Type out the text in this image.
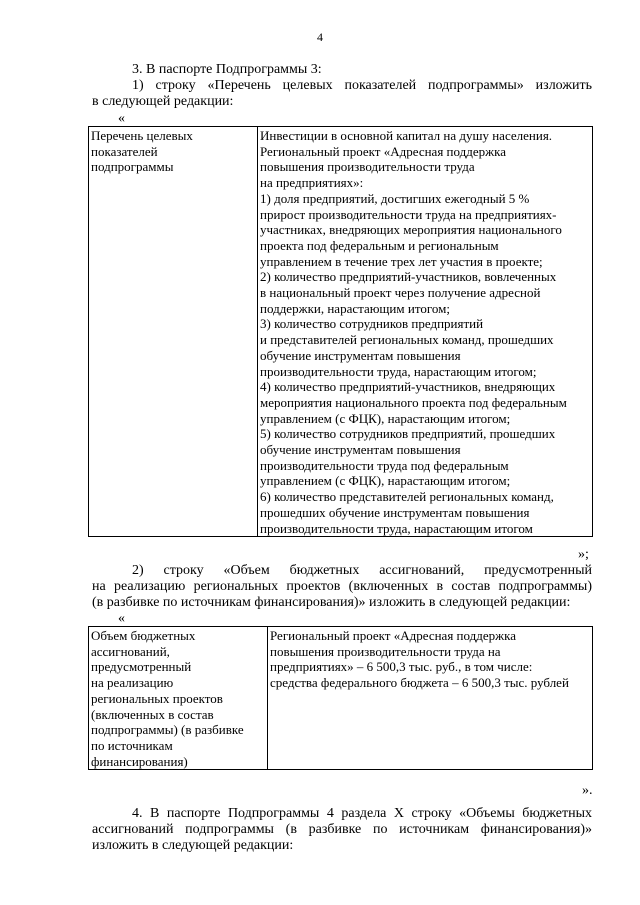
4
3. В паспорте Подпрограммы 3:
1) строку «Перечень целевых показателей подпрограммы» изложить
в следующей редакции:
«
Перечень целевых
показателей
подпрограммы

Инвестиции в основной капитал на душу населения.
Региональный проект «Адресная поддержка
повышения производительности труда
на предприятиях»:
1) доля предприятий, достигших ежегодный 5 %
прирост производительности труда на предприятиях-
участниках, внедряющих мероприятия национального
проекта под федеральным и региональным
управлением в течение трех лет участия в проекте;
2) количество предприятий-участников, вовлеченных
в национальный проект через получение адресной
поддержки, нарастающим итогом;
3) количество сотрудников предприятий
и представителей региональных команд, прошедших
обучение инструментам повышения
производительности труда, нарастающим итогом;
4) количество предприятий-участников, внедряющих
мероприятия национального проекта под федеральным
управлением (с ФЦК), нарастающим итогом;
5) количество сотрудников предприятий, прошедших
обучение инструментам повышения
производительности труда под федеральным
управлением (с ФЦК), нарастающим итогом;
6) количество представителей региональных команд,
прошедших обучение инструментам повышения
производительности труда, нарастающим итогом
»;
2) строку «Объем бюджетных ассигнований, предусмотренный
на реализацию региональных проектов (включенных в состав подпрограммы)
(в разбивке по источникам финансирования)» изложить в следующей редакции:
«
Объем бюджетных
ассигнований,
предусмотренный
на реализацию
региональных проектов
(включенных в состав
подпрограммы) (в разбивке
по источникам
финансирования)

Региональный проект «Адресная поддержка
повышения производительности труда на
предприятиях» – 6 500,3 тыс. руб., в том числе:
средства федерального бюджета – 6 500,3 тыс. рублей
».
4. В паспорте Подпрограммы 4 раздела X строку «Объемы бюджетных
ассигнований подпрограммы (в разбивке по источникам финансирования)»
изложить в следующей редакции:
